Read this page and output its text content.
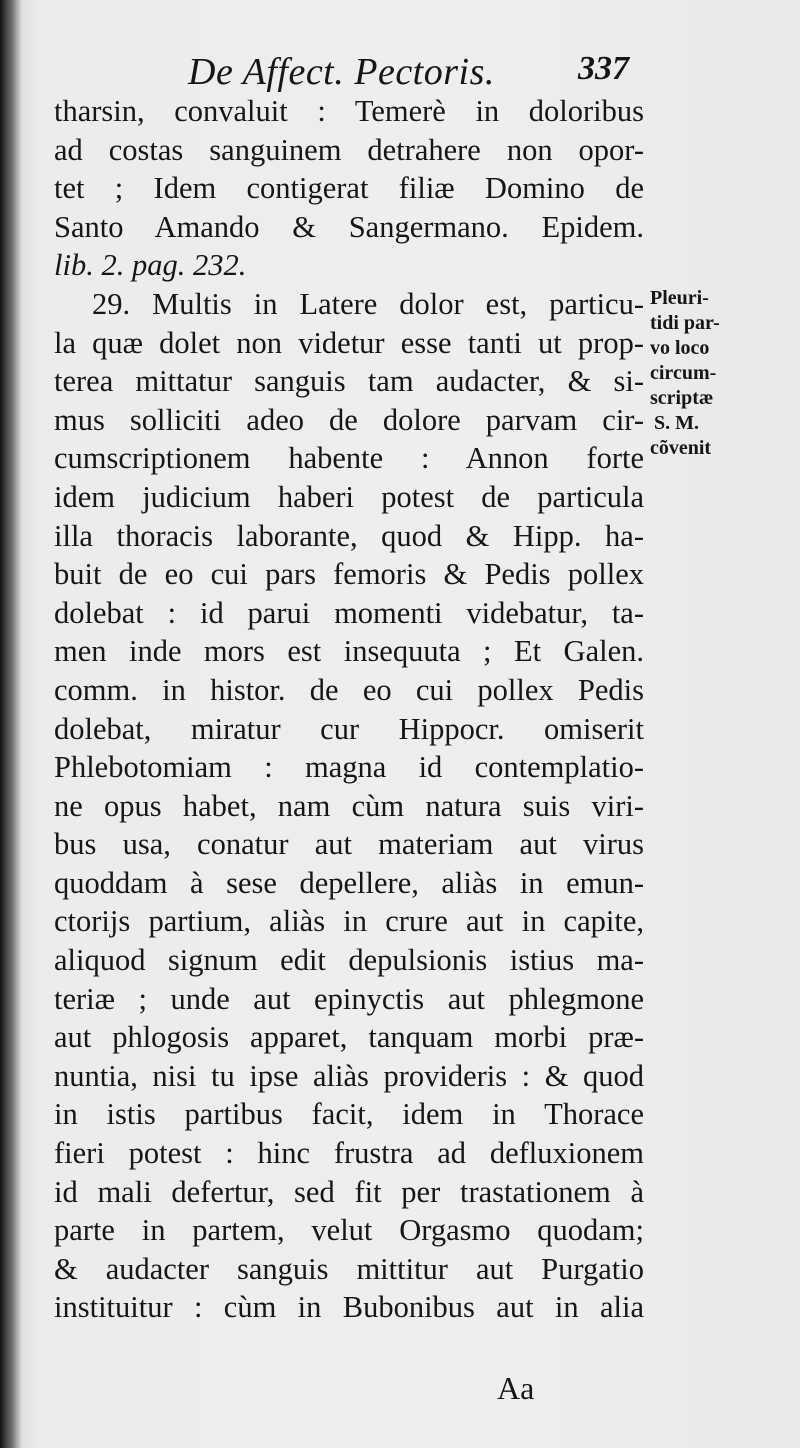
De Affect. Pectoris. 337
tharsin, convaluit : Temerè in doloribus
ad costas sanguinem detrahere non opor-
tet ; Idem contigerat filiæ Domino de
Santo Amando & Sangermano. Epidem.
lib. 2. pag. 232.
29. Multis in Latere dolor est, particu-
la quæ dolet non videtur esse tanti ut prop-
terea mittatur sanguis tam audacter, & si-
mus solliciti adeo de dolore parvam cir-
cumscriptionem habente : Annon forte
idem judicium haberi potest de particula
illa thoracis laborante, quod & Hipp. ha-
buit de eo cui pars femoris & Pedis pollex
dolebat : id parui momenti videbatur, ta-
men inde mors est insequuta ; Et Galen.
comm. in histor. de eo cui pollex Pedis
dolebat, miratur cur Hippocr. omiserit
Phlebotomiam : magna id contemplatio-
ne opus habet, nam cùm natura suis viri-
bus usa, conatur aut materiam aut virus
quoddam à sese depellere, aliàs in emun-
ctorijs partium, aliàs in crure aut in capite,
aliquod signum edit depulsionis istius ma-
teriæ ; unde aut epinyctis aut phlegmone
aut phlogosis apparet, tanquam morbi præ-
nuntia, nisi tu ipse aliàs provideris : & quod
in istis partibus facit, idem in Thorace
fieri potest : hinc frustra ad defluxionem
id mali defertur, sed fit per trastationem à
parte in partem, velut Orgasmo quodam;
& audacter sanguis mittitur aut Purgatio
instituitur : cùm in Bubonibus aut in alia
Pleuri-
tidi par-
vo loco
circum-
scriptæ
S. M.
cõvenit
Aa
